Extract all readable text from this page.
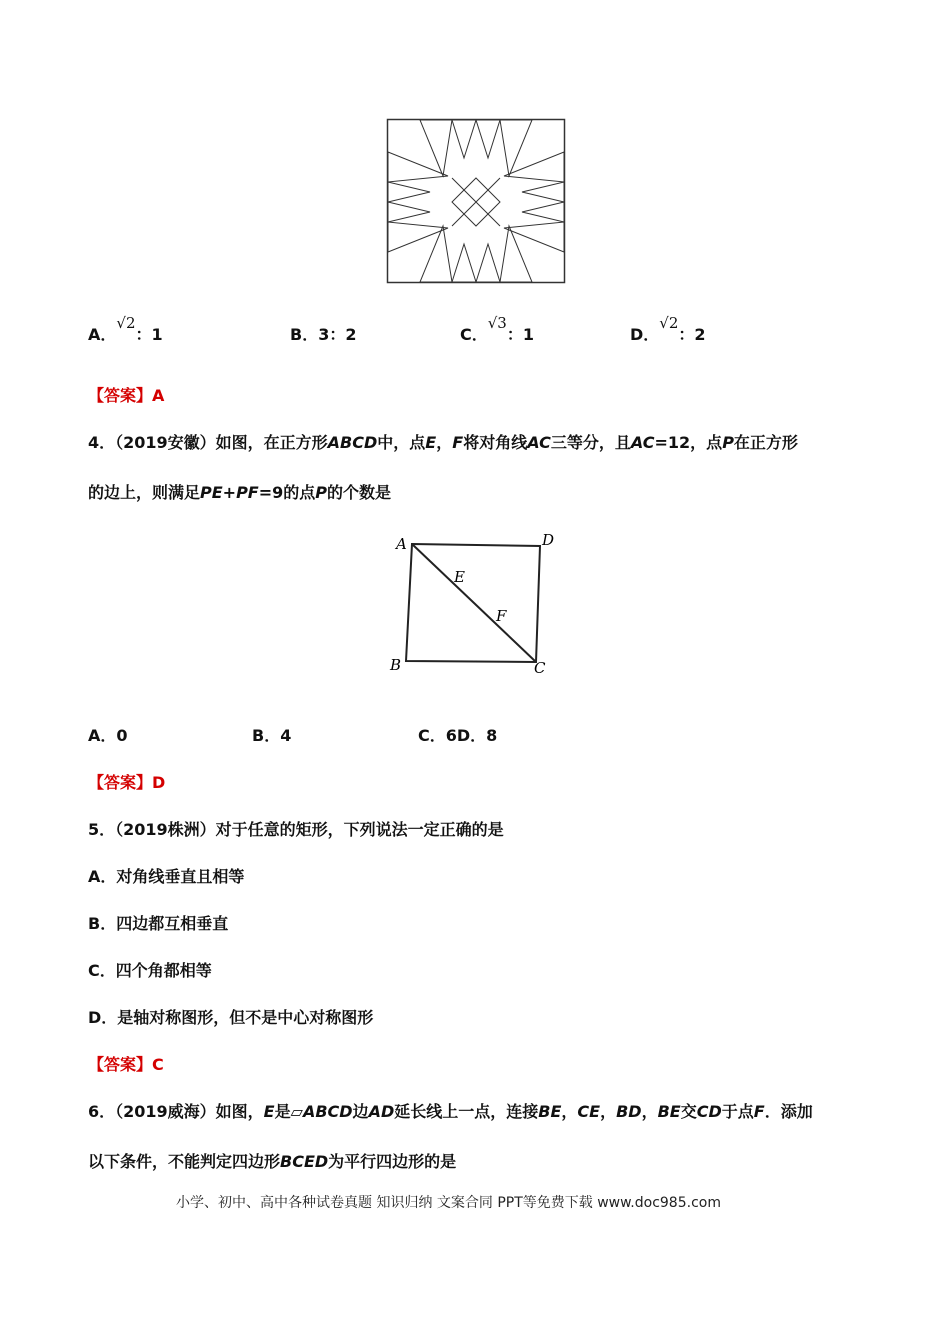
A．√2：1	B．3：2	C．√3：1	D．√2：2
【答案】A
4．（2019安徽）如图，在正方形ABCD中，点E，F将对角线AC三等分，且AC=12，点P在正方形
的边上，则满足PE+PF=9的点P的个数是
A	D
B	C
E
F
A．0	B．4	C．6D．8
【答案】D
5．（2019株洲）对于任意的矩形，下列说法一定正确的是
A．对角线垂直且相等
B．四边都互相垂直
C．四个角都相等
D．是轴对称图形，但不是中心对称图形
【答案】C
6．（2019威海）如图，E是▱ABCD边AD延长线上一点，连接BE，CE，BD，BE交CD于点F．添加
以下条件，不能判定四边形BCED为平行四边形的是
小学、初中、高中各种试卷真题 知识归纳 文案合同 PPT等免费下载 www.doc985.com
